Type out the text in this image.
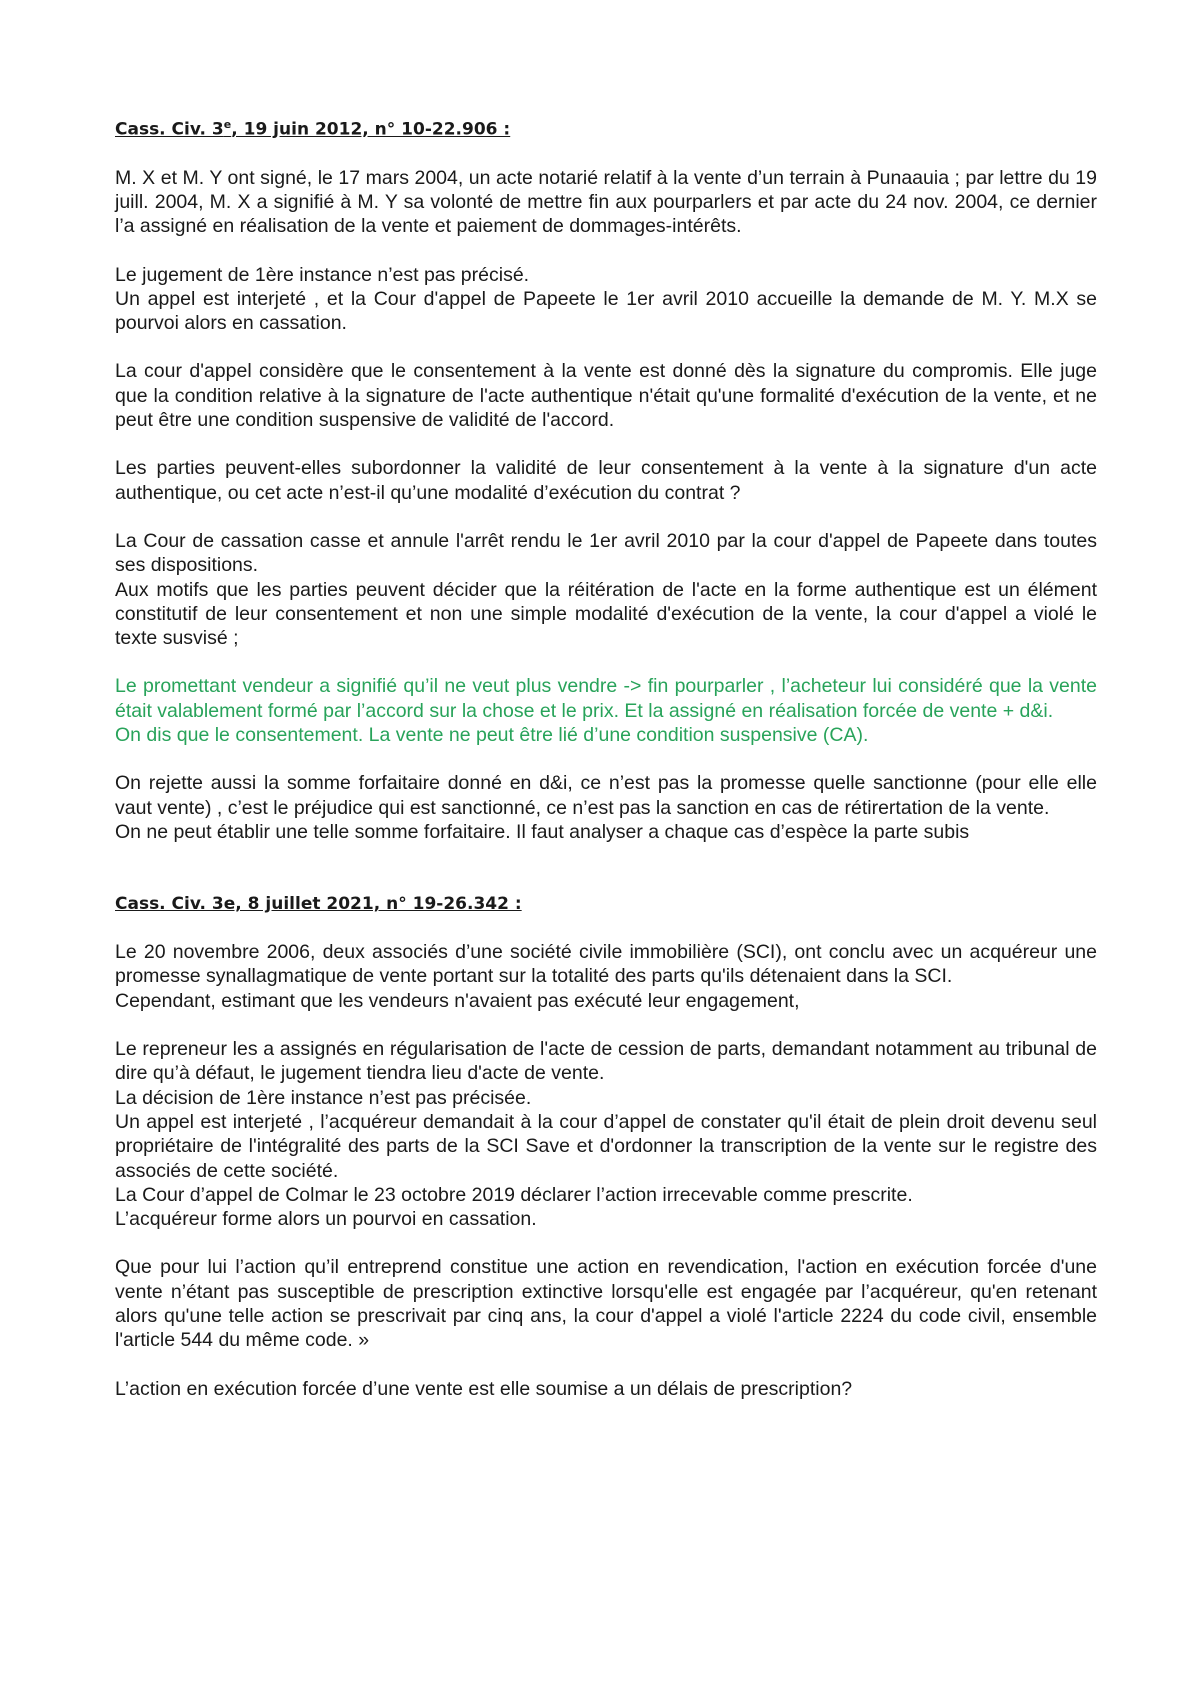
Cass. Civ. 3e, 19 juin 2012, n° 10-22.906 :

M. X et M. Y ont signé, le 17 mars 2004, un acte notarié relatif à la vente d’un terrain à Punaauia ; par lettre du 19 juill. 2004, M. X a signifié à M. Y sa volonté de mettre fin aux pourparlers et par acte du 24 nov. 2004, ce dernier l’a assigné en réalisation de la vente et paiement de dommages-intérêts.

Le jugement de 1ère instance n’est pas précisé.

Un appel est interjeté , et la Cour d'appel de Papeete le 1er avril 2010 accueille la demande de M. Y. M.X se pourvoi alors en cassation.

La cour d'appel considère que le consentement à la vente est donné dès la signature du compromis. Elle juge que la condition relative à la signature de l'acte authentique n'était qu'une formalité d'exécution de la vente, et ne peut être une condition suspensive de validité de l'accord.

Les parties peuvent-elles subordonner la validité de leur consentement à la vente à la signature d'un acte authentique, ou cet acte n’est-il qu’une modalité d’exécution du contrat ?

La Cour de cassation casse et annule l'arrêt rendu le 1er avril 2010 par la cour d'appel de Papeete dans toutes ses dispositions.

Aux motifs que les parties peuvent décider que la réitération de l'acte en la forme authentique est un élément constitutif de leur consentement et non une simple modalité d'exécution de la vente, la cour d'appel a violé le texte susvisé ;

Le promettant vendeur a signifié qu’il ne veut plus vendre -> fin pourparler , l’acheteur lui considéré que la vente était valablement formé par l’accord sur la chose et le prix. Et la assigné en réalisation forcée de vente + d&i.

On dis que le consentement. La vente ne peut être lié d’une condition suspensive (CA).

On rejette aussi la somme forfaitaire donné en d&i, ce n’est pas la promesse quelle sanctionne (pour elle elle vaut vente) , c’est le préjudice qui est sanctionné, ce n’est pas la sanction en cas de rétirertation de la vente.

On ne peut établir une telle somme forfaitaire. Il faut analyser a chaque cas d’espèce la parte subis

Cass. Civ. 3e, 8 juillet 2021, n° 19-26.342 :

Le 20 novembre 2006, deux associés d’une société civile immobilière (SCI), ont conclu avec un acquéreur une promesse synallagmatique de vente portant sur la totalité des parts qu'ils détenaient dans la SCI.

Cependant, estimant que les vendeurs n'avaient pas exécuté leur engagement,

Le repreneur les a assignés en régularisation de l'acte de cession de parts, demandant notamment au tribunal de dire qu’à défaut, le jugement tiendra lieu d'acte de vente.

La décision de 1ère instance n’est pas précisée.

Un appel est interjeté , l’acquéreur demandait à la cour d’appel de constater qu'il était de plein droit devenu seul propriétaire de l'intégralité des parts de la SCI Save et d'ordonner la transcription de la vente sur le registre des associés de cette société.

La Cour d’appel de Colmar le 23 octobre 2019 déclarer l’action irrecevable comme prescrite.

L’acquéreur forme alors un pourvoi en cassation.

Que pour lui l’action qu’il entreprend constitue une action en revendication, l'action en exécution forcée d'une vente n’étant pas susceptible de prescription extinctive lorsqu'elle est engagée par l’acquéreur, qu'en retenant alors qu'une telle action se prescrivait par cinq ans, la cour d'appel a violé l'article 2224 du code civil, ensemble l'article 544 du même code. »

L’action en exécution forcée d’une vente est elle soumise a un délais de prescription?
